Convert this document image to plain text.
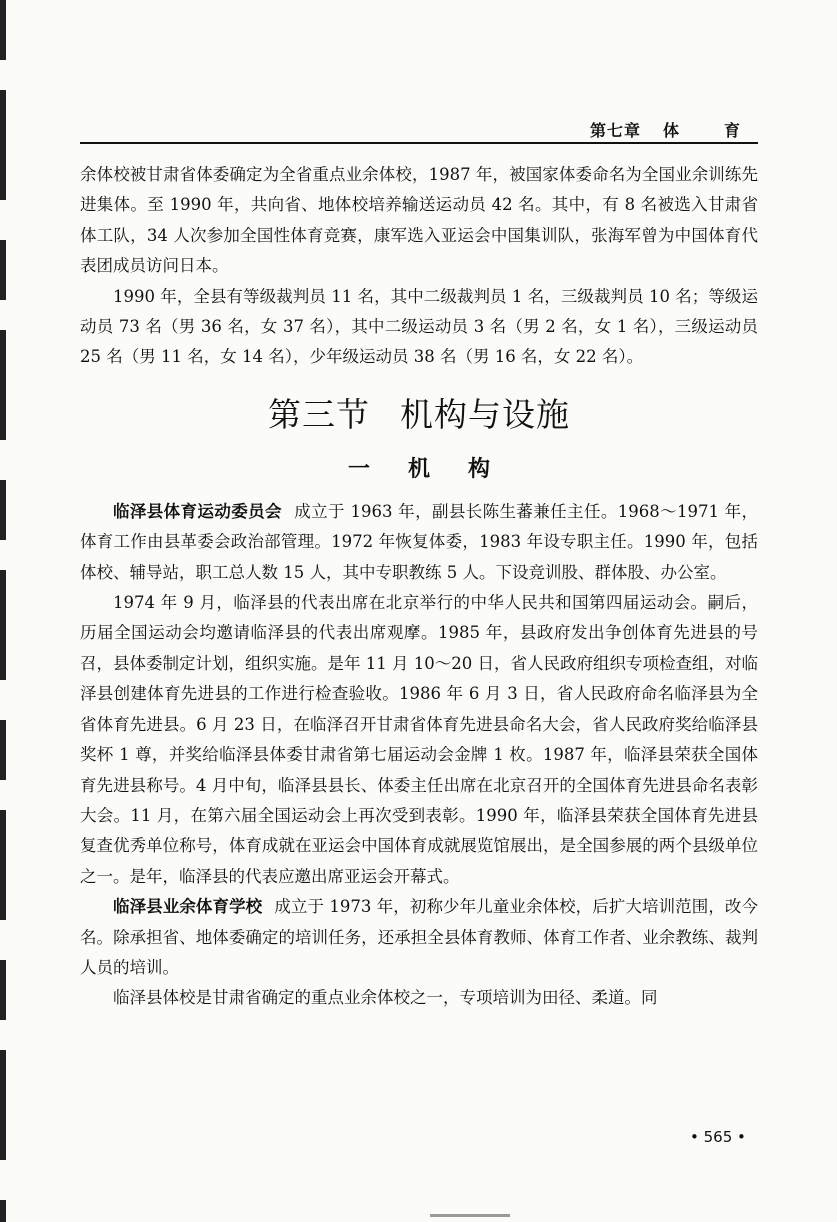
第七章 体	育

余体校被甘肃省体委确定为全省重点业余体校，1987 年，被国家体委命名为全国业余训练先进集体。至 1990 年，共向省、地体校培养输送运动员 42 名。其中，有 8 名被选入甘肃省体工队，34 人次参加全国性体育竞赛，康军选入亚运会中国集训队，张海军曾为中国体育代表团成员访问日本。

1990 年，全县有等级裁判员 11 名，其中二级裁判员 1 名，三级裁判员 10 名；等级运动员 73 名（男 36 名，女 37 名），其中二级运动员 3 名（男 2 名，女 1 名），三级运动员 25 名（男 11 名，女 14 名），少年级运动员 38 名（男 16 名，女 22 名）。

第三节 机构与设施
一机构

临泽县体育运动委员会 成立于 1963 年，副县长陈生蕃兼任主任。1968～1971 年，体育工作由县革委会政治部管理。1972 年恢复体委，1983 年设专职主任。1990 年，包括体校、辅导站，职工总人数 15 人，其中专职教练 5 人。下设竞训股、群体股、办公室。

1974 年 9 月，临泽县的代表出席在北京举行的中华人民共和国第四届运动会。嗣后，历届全国运动会均邀请临泽县的代表出席观摩。1985 年，县政府发出争创体育先进县的号召，县体委制定计划，组织实施。是年 11 月 10～20 日，省人民政府组织专项检查组，对临泽县创建体育先进县的工作进行检查验收。1986 年 6 月 3 日，省人民政府命名临泽县为全省体育先进县。6 月 23 日，在临泽召开甘肃省体育先进县命名大会，省人民政府奖给临泽县奖杯 1 尊，并奖给临泽县体委甘肃省第七届运动会金牌 1 枚。1987 年，临泽县荣获全国体育先进县称号。4 月中旬，临泽县县长、体委主任出席在北京召开的全国体育先进县命名表彰大会。11 月，在第六届全国运动会上再次受到表彰。1990 年，临泽县荣获全国体育先进县复查优秀单位称号，体育成就在亚运会中国体育成就展览馆展出，是全国参展的两个县级单位之一。是年，临泽县的代表应邀出席亚运会开幕式。

临泽县业余体育学校 成立于 1973 年，初称少年儿童业余体校，后扩大培训范围，改今名。除承担省、地体委确定的培训任务，还承担全县体育教师、体育工作者、业余教练、裁判人员的培训。

临泽县体校是甘肃省确定的重点业余体校之一，专项培训为田径、柔道。同

• 565 •
